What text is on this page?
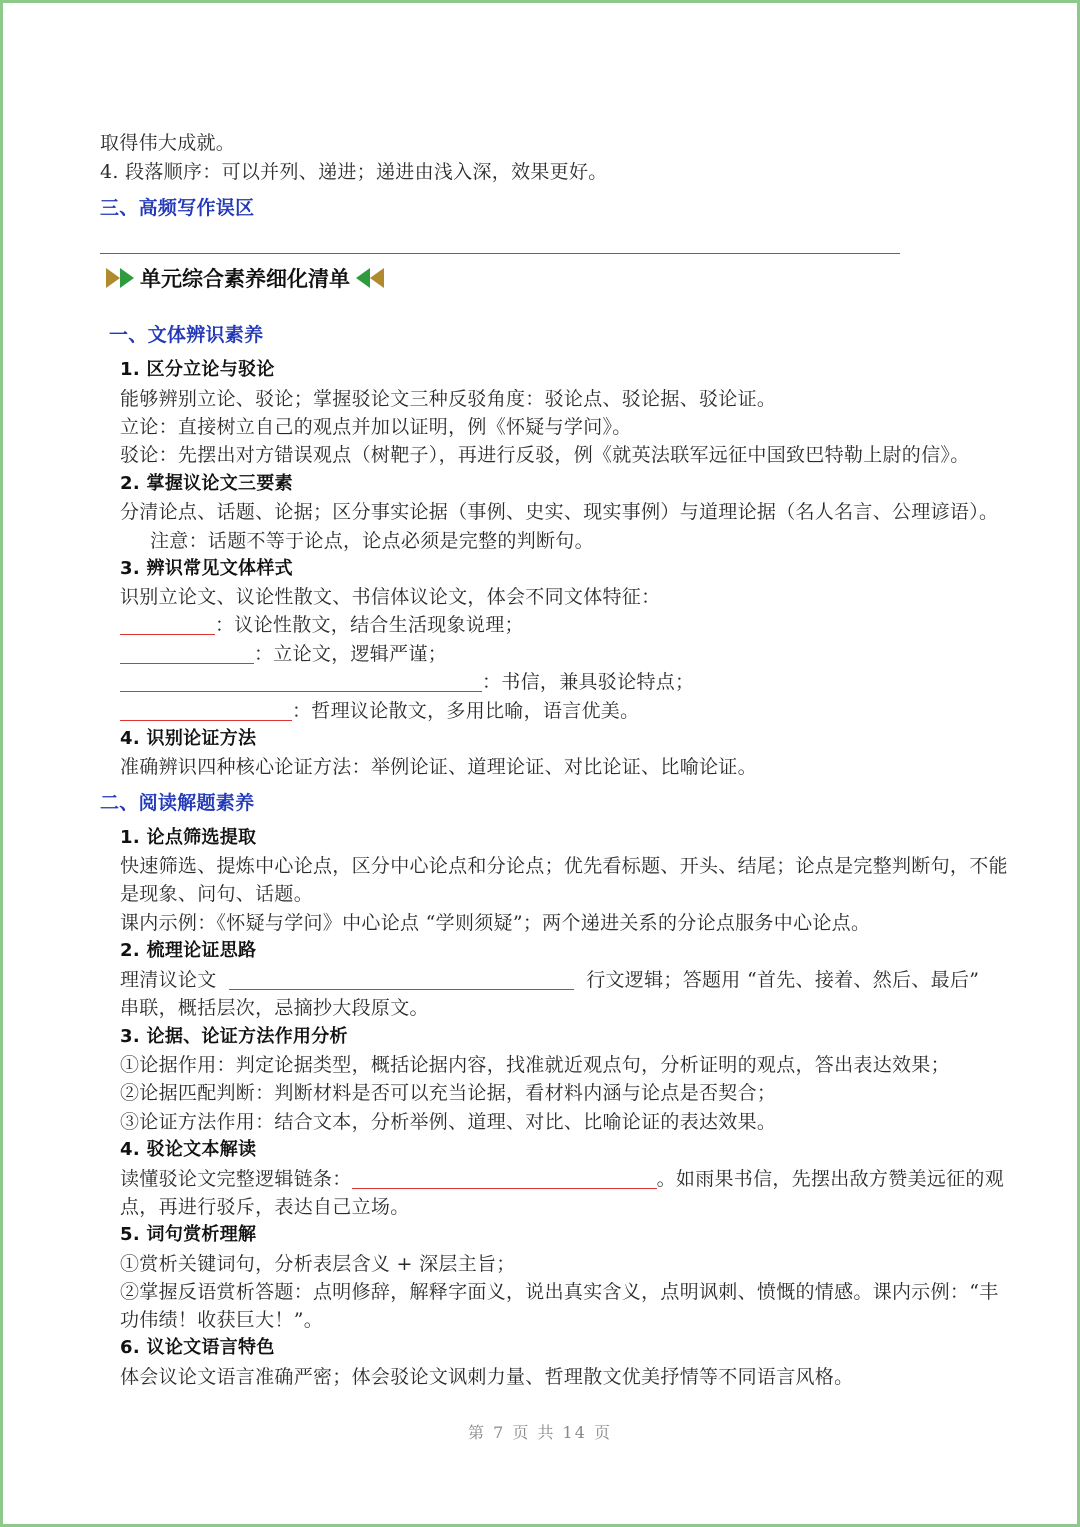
取得伟大成就。
4. 段落顺序：可以并列、递进；递进由浅入深，效果更好。
三、高频写作误区
单元综合素养细化清单
一、文体辨识素养
1. 区分立论与驳论
能够辨别立论、驳论；掌握驳论文三种反驳角度：驳论点、驳论据、驳论证。
立论：直接树立自己的观点并加以证明，例《怀疑与学问》。
驳论：先摆出对方错误观点（树靶子），再进行反驳，例《就英法联军远征中国致巴特勒上尉的信》。
2. 掌握议论文三要素
分清论点、话题、论据；区分事实论据（事例、史实、现实事例）与道理论据（名人名言、公理谚语）。
注意：话题不等于论点，论点必须是完整的判断句。
3. 辨识常见文体样式
识别立论文、议论性散文、书信体议论文，体会不同文体特征：
：议论性散文，结合生活现象说理；
：立论文，逻辑严谨；
：书信，兼具驳论特点；
：哲理议论散文，多用比喻，语言优美。
4. 识别论证方法
准确辨识四种核心论证方法：举例论证、道理论证、对比论证、比喻论证。
二、阅读解题素养
1. 论点筛选提取
快速筛选、提炼中心论点，区分中心论点和分论点；优先看标题、开头、结尾；论点是完整判断句，不能
是现象、问句、话题。
课内示例：《怀疑与学问》中心论点 “学则须疑”；两个递进关系的分论点服务中心论点。
2. 梳理论证思路
理清议论文	行文逻辑；答题用 “首先、接着、然后、最后”
串联，概括层次，忌摘抄大段原文。
3. 论据、论证方法作用分析
①论据作用：判定论据类型，概括论据内容，找准就近观点句，分析证明的观点，答出表达效果；
②论据匹配判断：判断材料是否可以充当论据，看材料内涵与论点是否契合；
③论证方法作用：结合文本，分析举例、道理、对比、比喻论证的表达效果。
4. 驳论文本解读
读懂驳论文完整逻辑链条：	。如雨果书信，先摆出敌方赞美远征的观
点，再进行驳斥，表达自己立场。
5. 词句赏析理解
①赏析关键词句，分析表层含义 + 深层主旨；
②掌握反语赏析答题：点明修辞，解释字面义，说出真实含义，点明讽刺、愤慨的情感。课内示例：“丰
功伟绩！收获巨大！”。
6. 议论文语言特色
体会议论文语言准确严密；体会驳论文讽刺力量、哲理散文优美抒情等不同语言风格。
第 7 页 共 14 页
